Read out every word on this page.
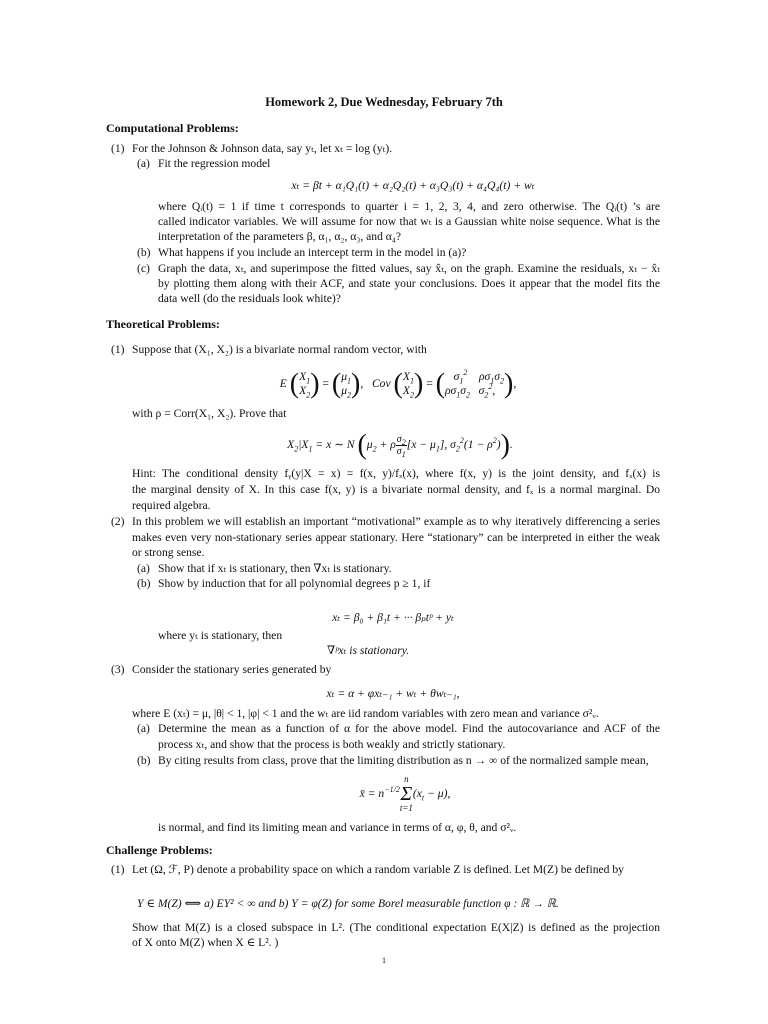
Homework 2, Due Wednesday, February 7th
Computational Problems:
(1) For the Johnson & Johnson data, say yₜ, let xₜ = log (yₜ).
(a) Fit the regression model
xₜ = βt + α₁Q₁(t) + α₂Q₂(t) + α₃Q₃(t) + α₄Q₄(t) + wₜ
where Qᵢ(t) = 1 if time t corresponds to quarter i = 1, 2, 3, 4, and zero otherwise. The Qᵢ(t) ’s are
called indicator variables. We will assume for now that wₜ is a Gaussian white noise sequence. What is the
interpretation of the parameters β, α₁, α₂, α₃, and α₄?
(b) What happens if you include an intercept term in the model in (a)?
(c) Graph the data, xₜ, and superimpose the fitted values, say x̂ₜ, on the graph. Examine the residuals, xₜ − x̂ₜ
by plotting them along with their ACF, and state your conclusions. Does it appear that the model fits the
data well (do the residuals look white)?
Theoretical Problems:
(1) Suppose that (X₁, X₂) is a bivariate normal random vector, with
E ( $X_1$
$X_2$ ) = ( $\mu_1$
$\mu_2$ ),   Cov ( $X_1$
$X_2$ ) = ( $\sigma_1^2$    $\rho\sigma_1\sigma_2$
$\rho\sigma_1\sigma_2$   $\sigma_2^2$, ),
with ρ = Corr(X₁, X₂). Prove that
$X_2|X_1 = x$ ∼ N ($\mu_2 + \rho \frac{\sigma_2}{\sigma_1} [x - \mu_1]$, $\sigma_2^2(1 - \rho^2)$).
Hint: The conditional density fᵧ(y|X = x) = f(x, y)/fₓ(x), where f(x, y) is the joint density, and fₓ(x) is
the marginal density of X. In this case f(x, y) is a bivariate normal density, and fₓ is a normal marginal. Do
required algebra.
(2) In this problem we will establish an important “motivational” example as to why iteratively differencing a series
makes even very non-stationary series appear stationary. Here “stationary” can be interpreted in either the weak
or strong sense.
(a) Show that if xₜ is stationary, then ∇xₜ is stationary.
(b) Show by induction that for all polynomial degrees p ≥ 1, if
xₜ = β₀ + β₁t + ··· βₚtᵖ + yₜ
where yₜ is stationary, then
∇ᵖxₜ is stationary.
(3) Consider the stationary series generated by
xₜ = α + φxₜ₋₁ + wₜ + θwₜ₋₁,
where E (xₜ) = μ, |θ| < 1, |φ| < 1 and the wₜ are iid random variables with zero mean and variance σ²ᵥ.
(a) Determine the mean as a function of α for the above model. Find the autocovariance and ACF of the
process xₜ, and show that the process is both weakly and strictly stationary.
(b) By citing results from class, prove that the limiting distribution as n → ∞ of the normalized sample mean,
x̄ = $n^{-1/2}n$
Σ
$t=1(x_t - \mu)$,
is normal, and find its limiting mean and variance in terms of α, φ, θ, and σ²ᵥ.
Challenge Problems:
(1) Let (Ω, ℱ, P) denote a probability space on which a random variable Z is defined. Let M(Z) be defined by
Y ∈ M(Z) ⟺ a) EY² < ∞ and b) Y = φ(Z) for some Borel measurable function φ : ℝ → ℝ.
Show that M(Z) is a closed subspace in L². (The conditional expectation E(X|Z) is defined as the projection
of X onto M(Z) when X ∈ L². )
1
